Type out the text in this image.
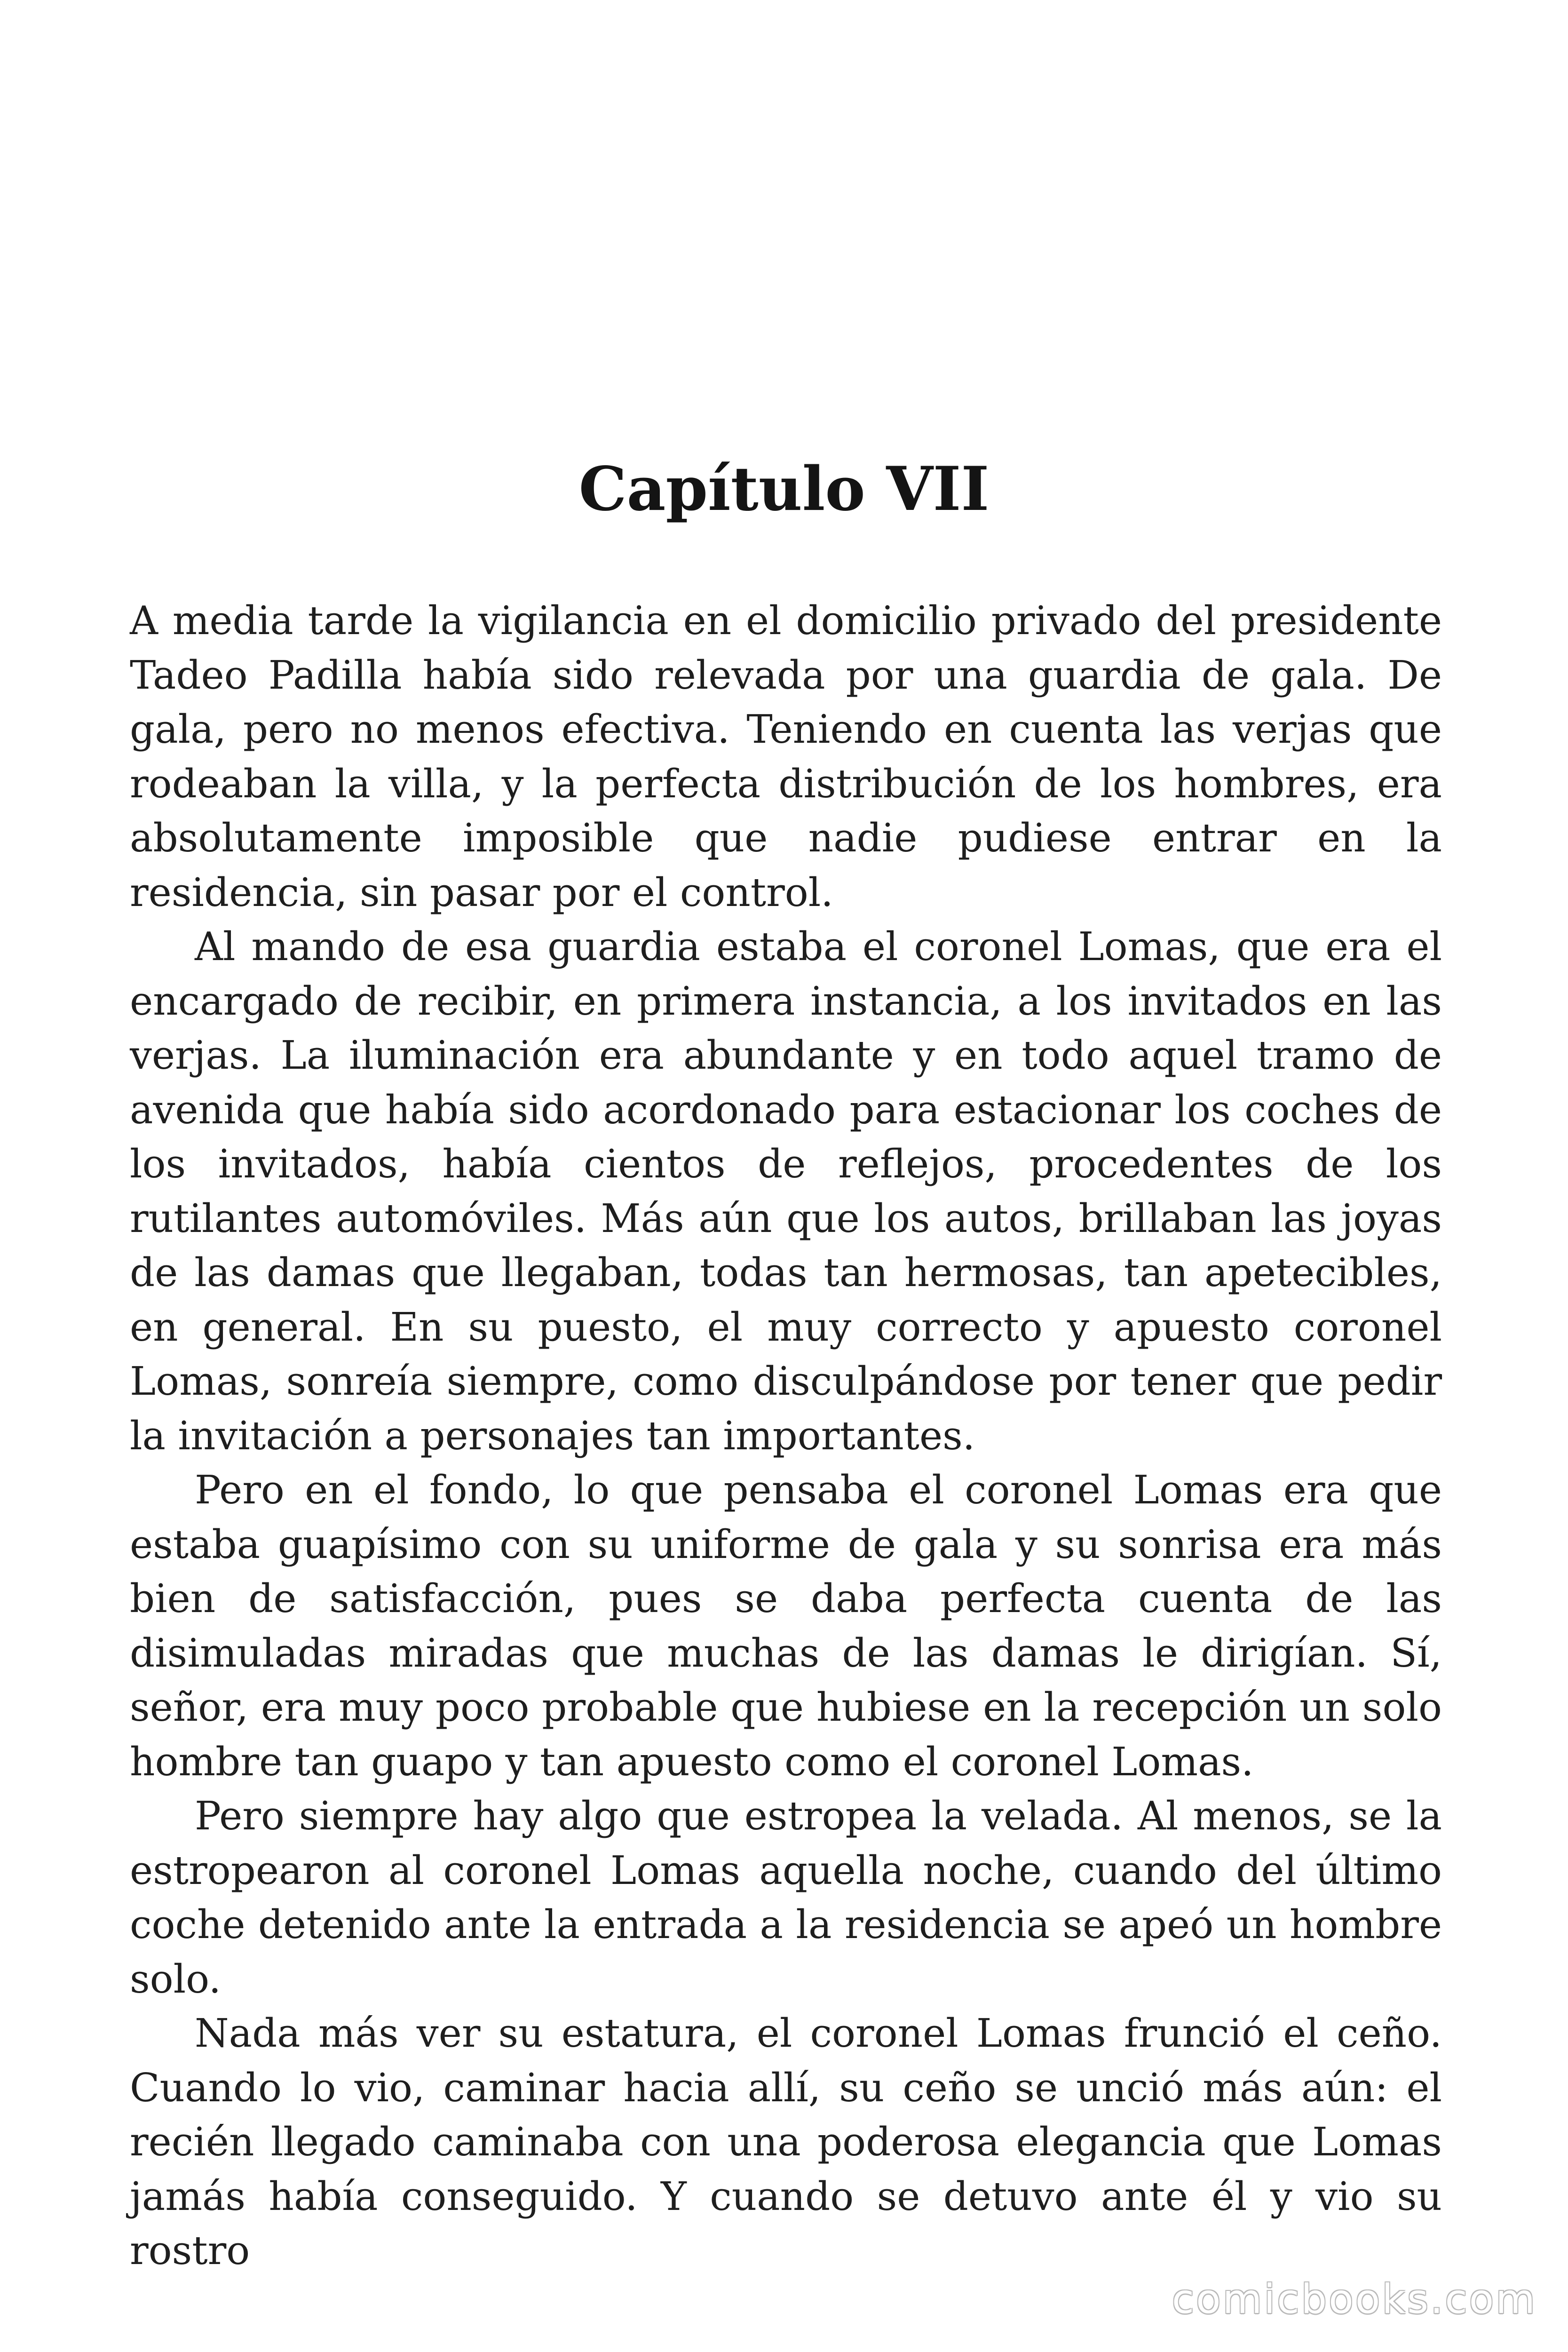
Capítulo VII

A media tarde la vigilancia en el domicilio privado del presidente Tadeo Padilla había sido relevada por una guardia de gala. De gala, pero no menos efectiva. Teniendo en cuenta las verjas que rodeaban la villa, y la perfecta distribución de los hombres, era absolutamente imposible que nadie pudiese entrar en la residencia, sin pasar por el control.

Al mando de esa guardia estaba el coronel Lomas, que era el encargado de recibir, en primera instancia, a los invitados en las verjas. La iluminación era abundante y en todo aquel tramo de avenida que había sido acordonado para estacionar los coches de los invitados, había cientos de reflejos, procedentes de los rutilantes automóviles. Más aún que los autos, brillaban las joyas de las damas que llegaban, todas tan hermosas, tan apetecibles, en general. En su puesto, el muy correcto y apuesto coronel Lomas, sonreía siempre, como disculpándose por tener que pedir la invitación a personajes tan importantes.

Pero en el fondo, lo que pensaba el coronel Lomas era que estaba guapísimo con su uniforme de gala y su sonrisa era más bien de satisfacción, pues se daba perfecta cuenta de las disimuladas miradas que muchas de las damas le dirigían. Sí, señor, era muy poco probable que hubiese en la recepción un solo hombre tan guapo y tan apuesto como el coronel Lomas.

Pero siempre hay algo que estropea la velada. Al menos, se la estropearon al coronel Lomas aquella noche, cuando del último coche detenido ante la entrada a la residencia se apeó un hombre solo.

Nada más ver su estatura, el coronel Lomas frunció el ceño. Cuando lo vio, caminar hacia allí, su ceño se unció más aún: el recién llegado caminaba con una poderosa elegancia que Lomas jamás había conseguido. Y cuando se detuvo ante él y vio su rostro

comicbooks.com
